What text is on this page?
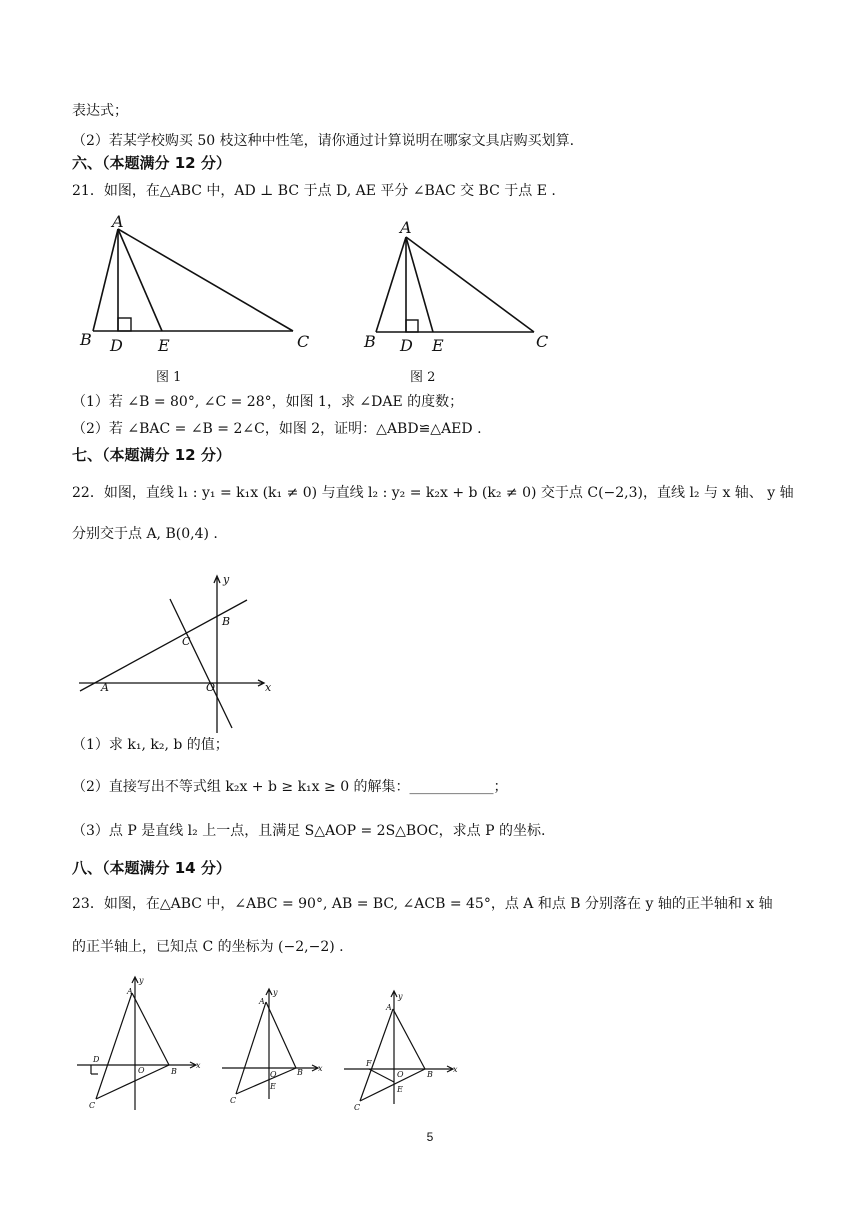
表达式；
（2）若某学校购买 50 枝这种中性笔，请你通过计算说明在哪家文具店购买划算.
六、（本题满分 12 分）
21．如图，在△ABC 中，AD ⊥ BC 于点 D, AE 平分 ∠BAC 交 BC 于点 E .
A
B D E	C
图 1
A
B D E	C
图 2
（1）若 ∠B = 80°, ∠C = 28°，如图 1，求 ∠DAE 的度数；
（2）若 ∠BAC = ∠B = 2∠C，如图 2，证明：△ABD≌△AED .
七、（本题满分 12 分）
22．如图，直线 l₁ : y₁ = k₁x (k₁ ≠ 0) 与直线 l₂ : y₂ = k₂x + b (k₂ ≠ 0) 交于点 C(−2,3)，直线 l₂ 与 x 轴、 y 轴
分别交于点 A, B(0,4) .
y
B
C
A	O	x
（1）求 k₁, k₂, b 的值；
（2）直接写出不等式组 k₂x + b ≥ k₁x ≥ 0 的解集：____________；
（3）点 P 是直线 l₂ 上一点，且满足 S△AOP = 2S△BOC，求点 P 的坐标.
八、（本题满分 14 分）
23．如图，在△ABC 中，∠ABC = 90°, AB = BC, ∠ACB = 45°，点 A 和点 B 分别落在 y 轴的正半轴和 x 轴
的正半轴上，已知点 C 的坐标为 (−2,−2) .
y
A
D
O	B
x
C
y
A
O	B x
E
C
y
A
F
O	B
x
E
C
5
